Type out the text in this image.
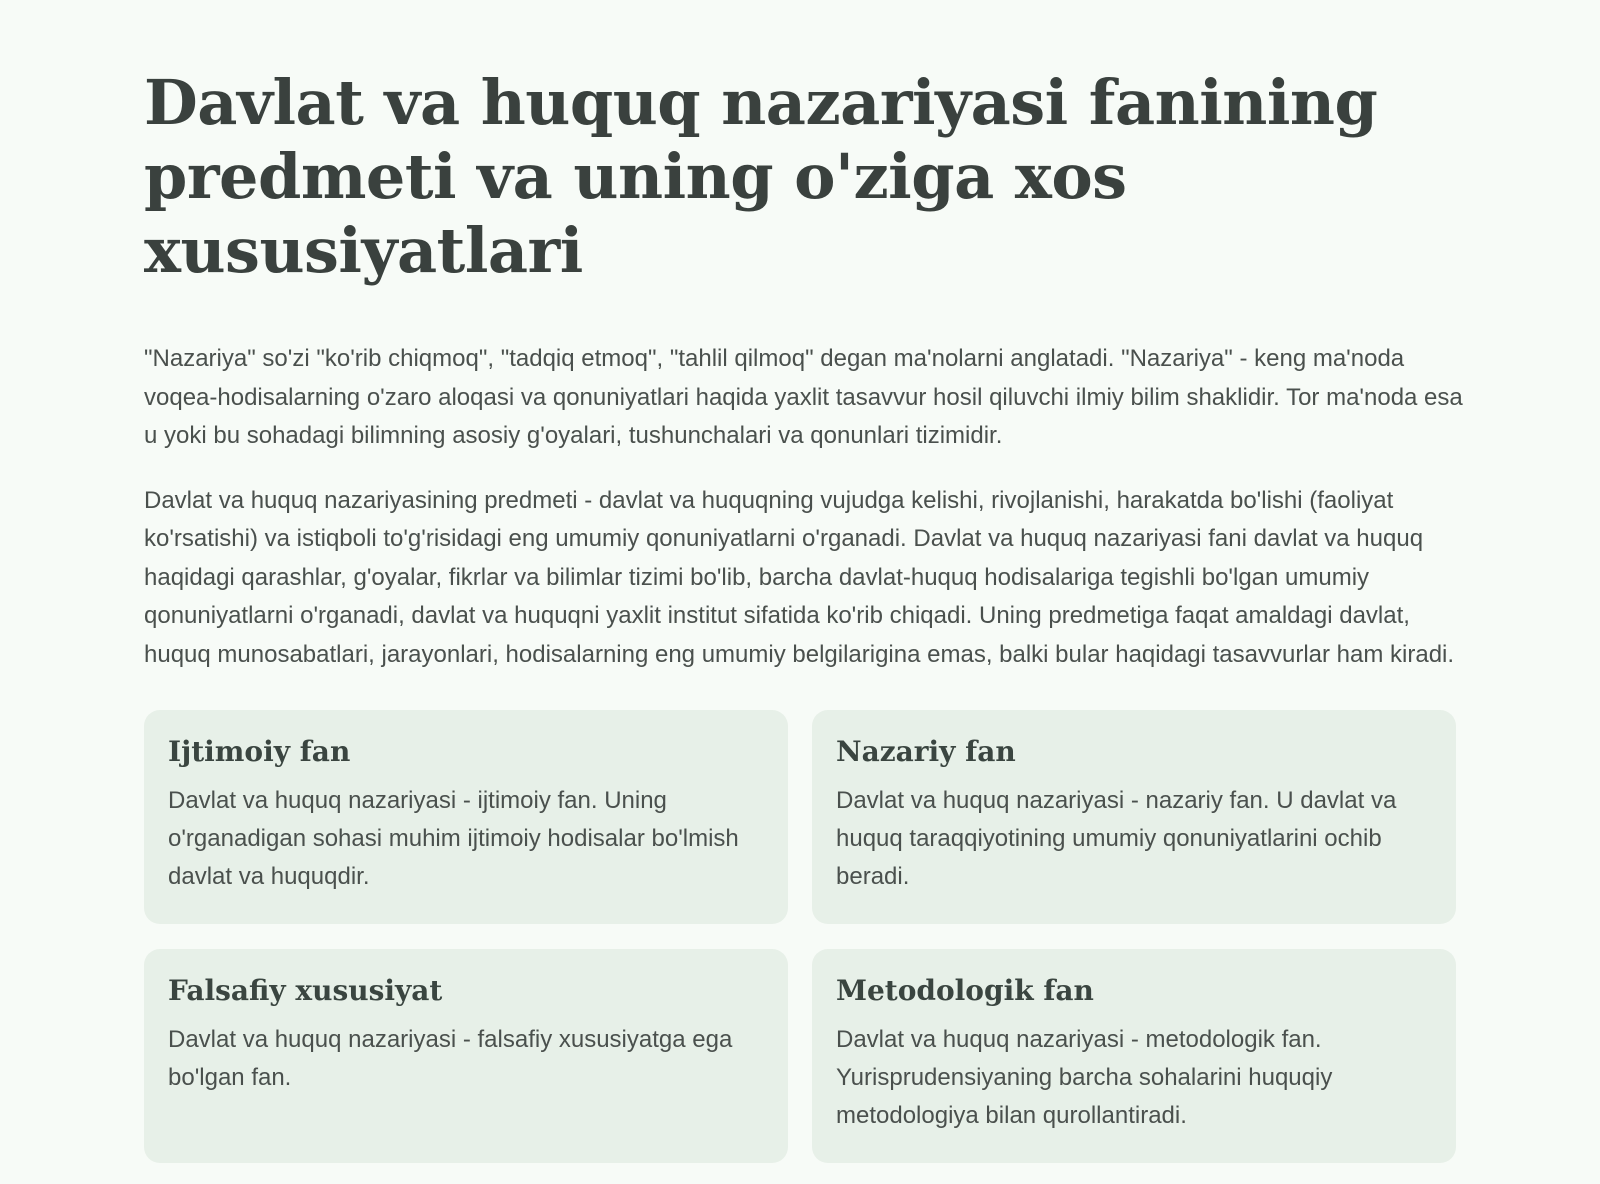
Davlat va huquq nazariyasi fanining predmeti va uning o'ziga xos xususiyatlari

"Nazariya" so'zi "ko'rib chiqmoq", "tadqiq etmoq", "tahlil qilmoq" degan ma'nolarni anglatadi. "Nazariya" - keng ma'noda voqea-hodisalarning o'zaro aloqasi va qonuniyatlari haqida yaxlit tasavvur hosil qiluvchi ilmiy bilim shaklidir. Tor ma'noda esa u yoki bu sohadagi bilimning asosiy g'oyalari, tushunchalari va qonunlari tizimidir.

Davlat va huquq nazariyasining predmeti - davlat va huquqning vujudga kelishi, rivojlanishi, harakatda bo'lishi (faoliyat ko'rsatishi) va istiqboli to'g'risidagi eng umumiy qonuniyatlarni o'rganadi. Davlat va huquq nazariyasi fani davlat va huquq haqidagi qarashlar, g'oyalar, fikrlar va bilimlar tizimi bo'lib, barcha davlat-huquq hodisalariga tegishli bo'lgan umumiy qonuniyatlarni o'rganadi, davlat va huquqni yaxlit institut sifatida ko'rib chiqadi. Uning predmetiga faqat amaldagi davlat, huquq munosabatlari, jarayonlari, hodisalarning eng umumiy belgilarigina emas, balki bular haqidagi tasavvurlar ham kiradi.

Ijtimoiy fan

Davlat va huquq nazariyasi - ijtimoiy fan. Uning o'rganadigan sohasi muhim ijtimoiy hodisalar bo'lmish davlat va huquqdir.

Nazariy fan

Davlat va huquq nazariyasi - nazariy fan. U davlat va huquq taraqqiyotining umumiy qonuniyatlarini ochib beradi.

Falsafiy xususiyat

Davlat va huquq nazariyasi - falsafiy xususiyatga ega bo'lgan fan.

Metodologik fan

Davlat va huquq nazariyasi - metodologik fan. Yurisprudensiyaning barcha sohalarini huquqiy metodologiya bilan qurollantiradi.
